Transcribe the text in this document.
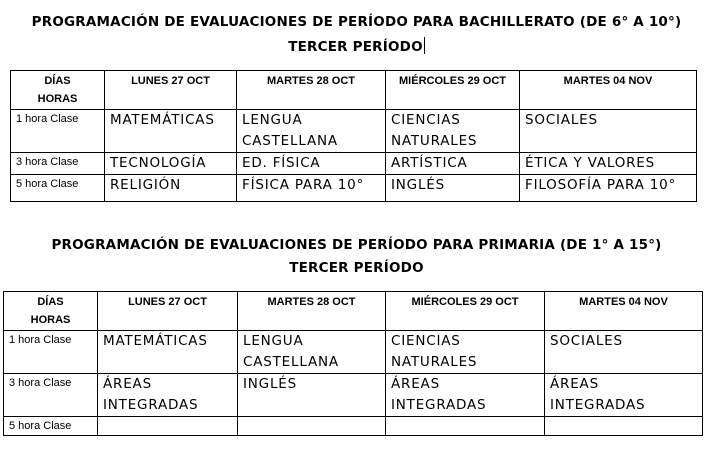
PROGRAMACIÓN DE EVALUACIONES DE PERÍODO PARA BACHILLERATO (DE 6° A 10°)
TERCER PERÍODO
DÍAS
HORAS	LUNES 27 OCT	MARTES 28 OCT	MIÉRCOLES 29 OCT	MARTES 04 NOV
1 hora Clase	MATEMÁTICAS	LENGUA CASTELLANA	CIENCIAS NATURALES	SOCIALES
3 hora Clase	TECNOLOGÍA	ED. FÍSICA	ARTÍSTICA	ÉTICA Y VALORES
5 hora Clase	RELIGIÓN	FÍSICA PARA 10°	INGLÉS	FILOSOFÍA PARA 10°
PROGRAMACIÓN DE EVALUACIONES DE PERÍODO PARA PRIMARIA (DE 1° A 15°)
TERCER PERÍODO
DÍAS
HORAS	LUNES 27 OCT	MARTES 28 OCT	MIÉRCOLES 29 OCT	MARTES 04 NOV
1 hora Clase	MATEMÁTICAS	LENGUA CASTELLANA	CIENCIAS NATURALES	SOCIALES
3 hora Clase	ÁREAS INTEGRADAS	INGLÉS	ÁREAS INTEGRADAS	ÁREAS INTEGRADAS
5 hora Clase				
